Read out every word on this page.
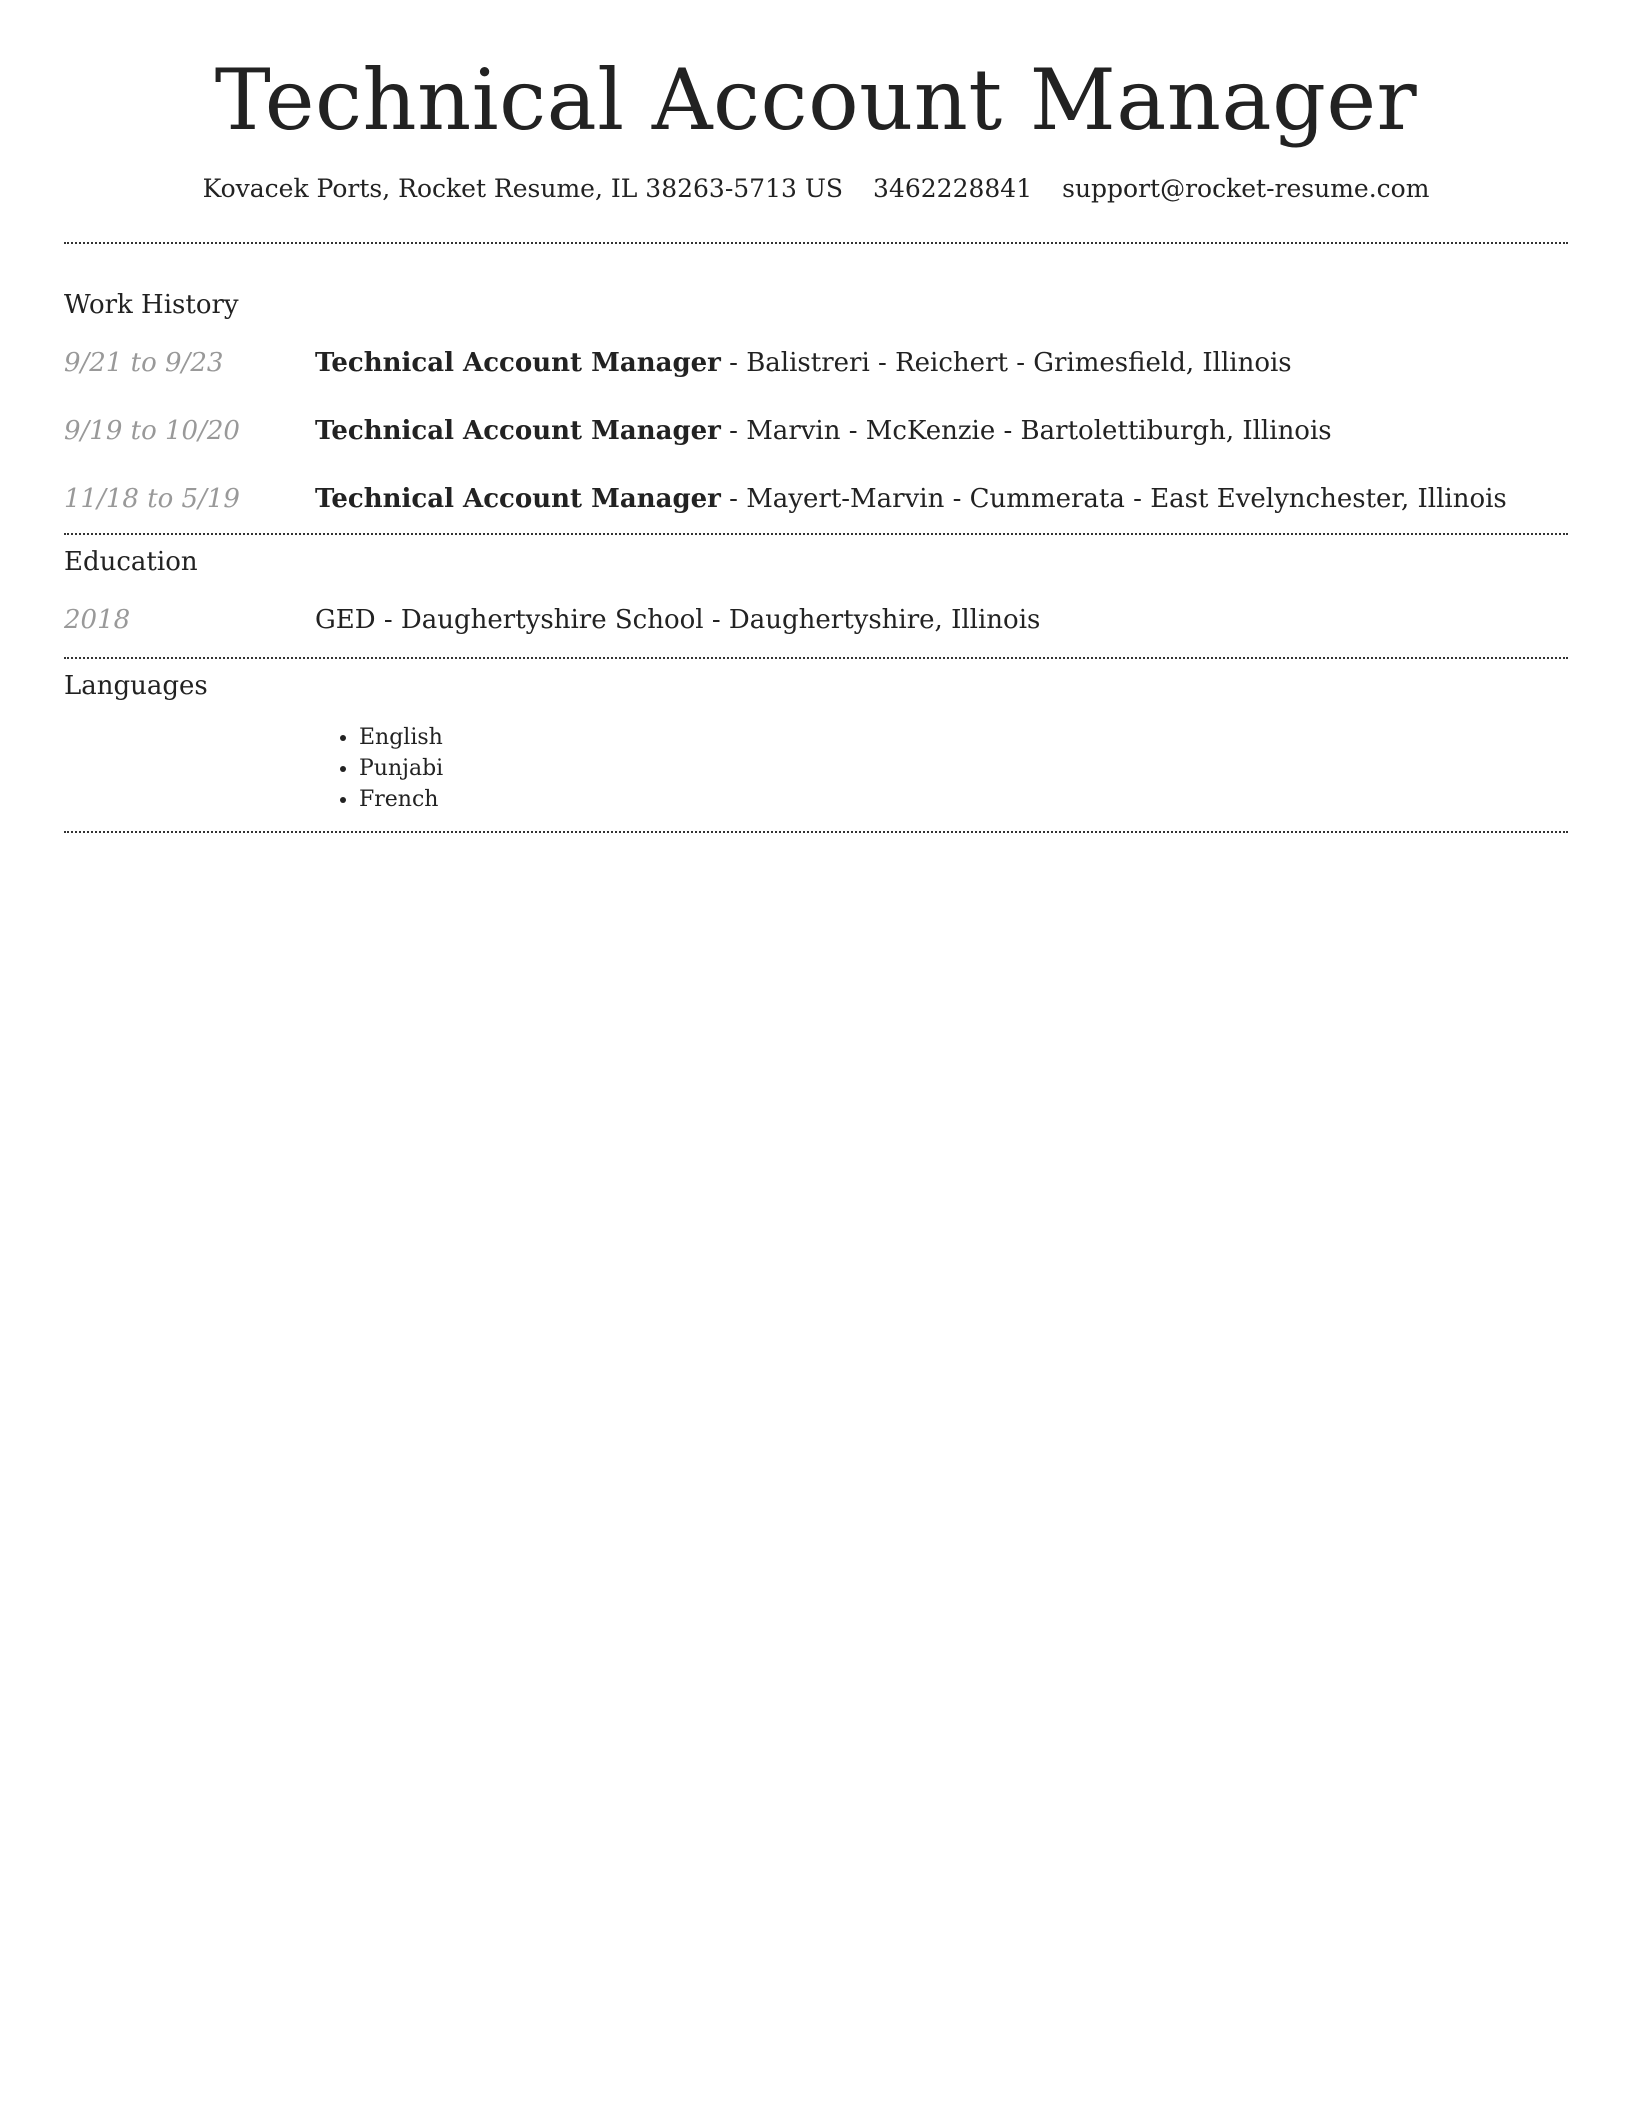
Technical Account Manager
Kovacek Ports, Rocket Resume, IL 38263-5713 US 3462228841 support@rocket-resume.com
Work History
9/21 to 9/23	Technical Account Manager - Balistreri - Reichert - Grimesfield, Illinois
9/19 to 10/20	Technical Account Manager - Marvin - McKenzie - Bartolettiburgh, Illinois
11/18 to 5/19	Technical Account Manager - Mayert-Marvin - Cummerata - East Evelynchester, Illinois
Education
2018	GED - Daughertyshire School - Daughertyshire, Illinois
Languages
• English
• Punjabi
• French
